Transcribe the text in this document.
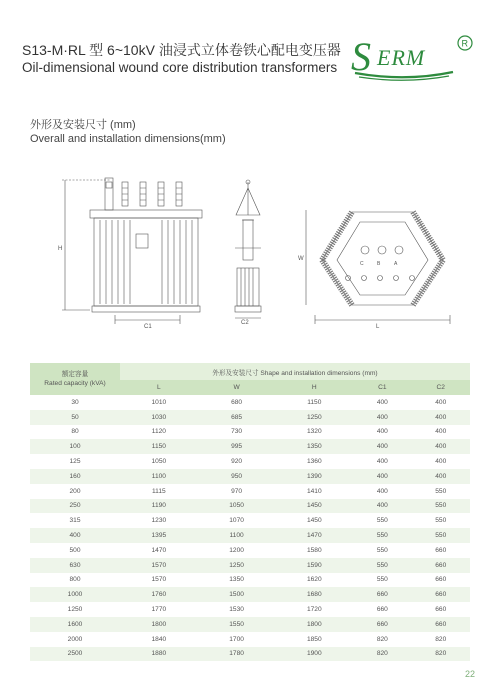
S13-M·RL 型 6~10kV 油浸式立体卷铁心配电变压器
Oil-dimensional wound core distribution transformers S ERM
R
外形及安装尺寸 (mm)
Overall and installation dimensions(mm)
H
C1
C2
W
L
C	B	A
额定容量
Rated capacity (kVA)	外形及安装尺寸 Shape and installation dimensions (mm)				
	L	W	H	C1	C2
30	1010	680	1150	400	400
50	1030	685	1250	400	400
80	1120	730	1320	400	400
100	1150	995	1350	400	400
125	1050	920	1360	400	400
160	1100	950	1390	400	400
200	1115	970	1410	400	550
250	1190	1050	1450	400	550
315	1230	1070	1450	550	550
400	1395	1100	1470	550	550
500	1470	1200	1580	550	660
630	1570	1250	1590	550	660
800	1570	1350	1620	550	660
1000	1760	1500	1680	660	660
1250	1770	1530	1720	660	660
1600	1800	1550	1800	660	660
2000	1840	1700	1850	820	820
2500	1880	1780	1900	820	820
22
